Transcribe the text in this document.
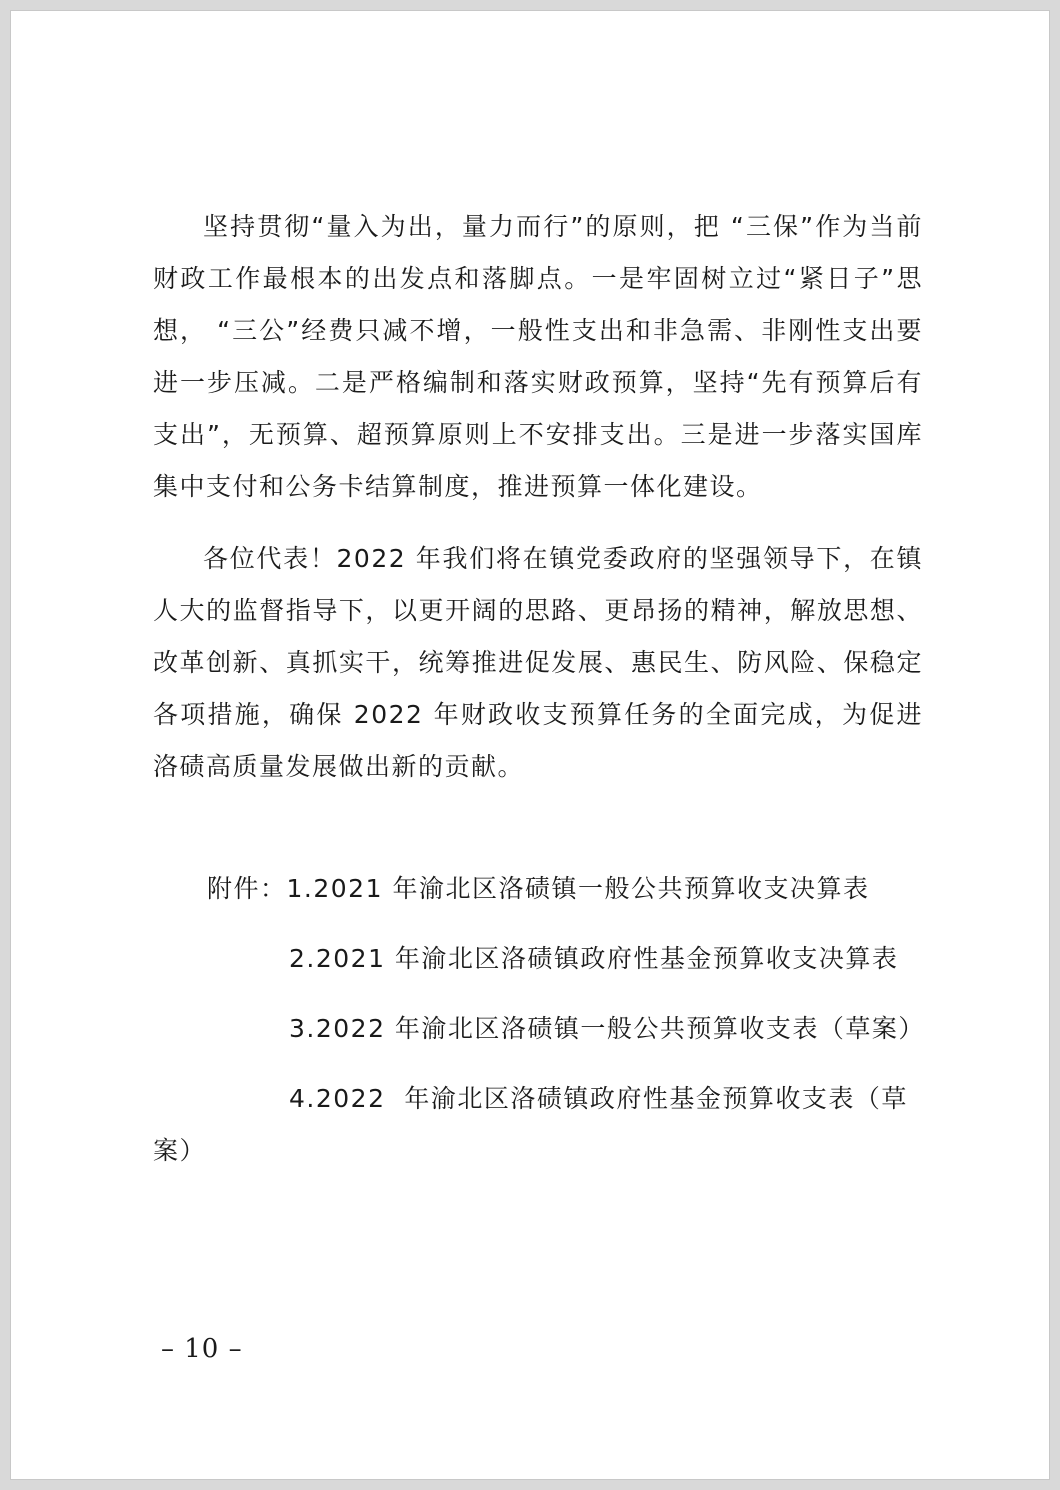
坚持贯彻“量入为出，量力而行”的原则，把 “三保”作为当前财政工作最根本的出发点和落脚点。一是牢固树立过“紧日子”思想， “三公”经费只减不增，一般性支出和非急需、非刚性支出要进一步压减。二是严格编制和落实财政预算，坚持“先有预算后有支出”，无预算、超预算原则上不安排支出。三是进一步落实国库集中支付和公务卡结算制度，推进预算一体化建设。
各位代表！2022 年我们将在镇党委政府的坚强领导下，在镇人大的监督指导下，以更开阔的思路、更昂扬的精神，解放思想、改革创新、真抓实干，统筹推进促发展、惠民生、防风险、保稳定各项措施，确保 2022 年财政收支预算任务的全面完成，为促进洛碛高质量发展做出新的贡献。
附件：1.2021 年渝北区洛碛镇一般公共预算收支决算表
2.2021 年渝北区洛碛镇政府性基金预算收支决算表
3.2022 年渝北区洛碛镇一般公共预算收支表（草案）
4.2022  年渝北区洛碛镇政府性基金预算收支表（草
案）
– 10 –
